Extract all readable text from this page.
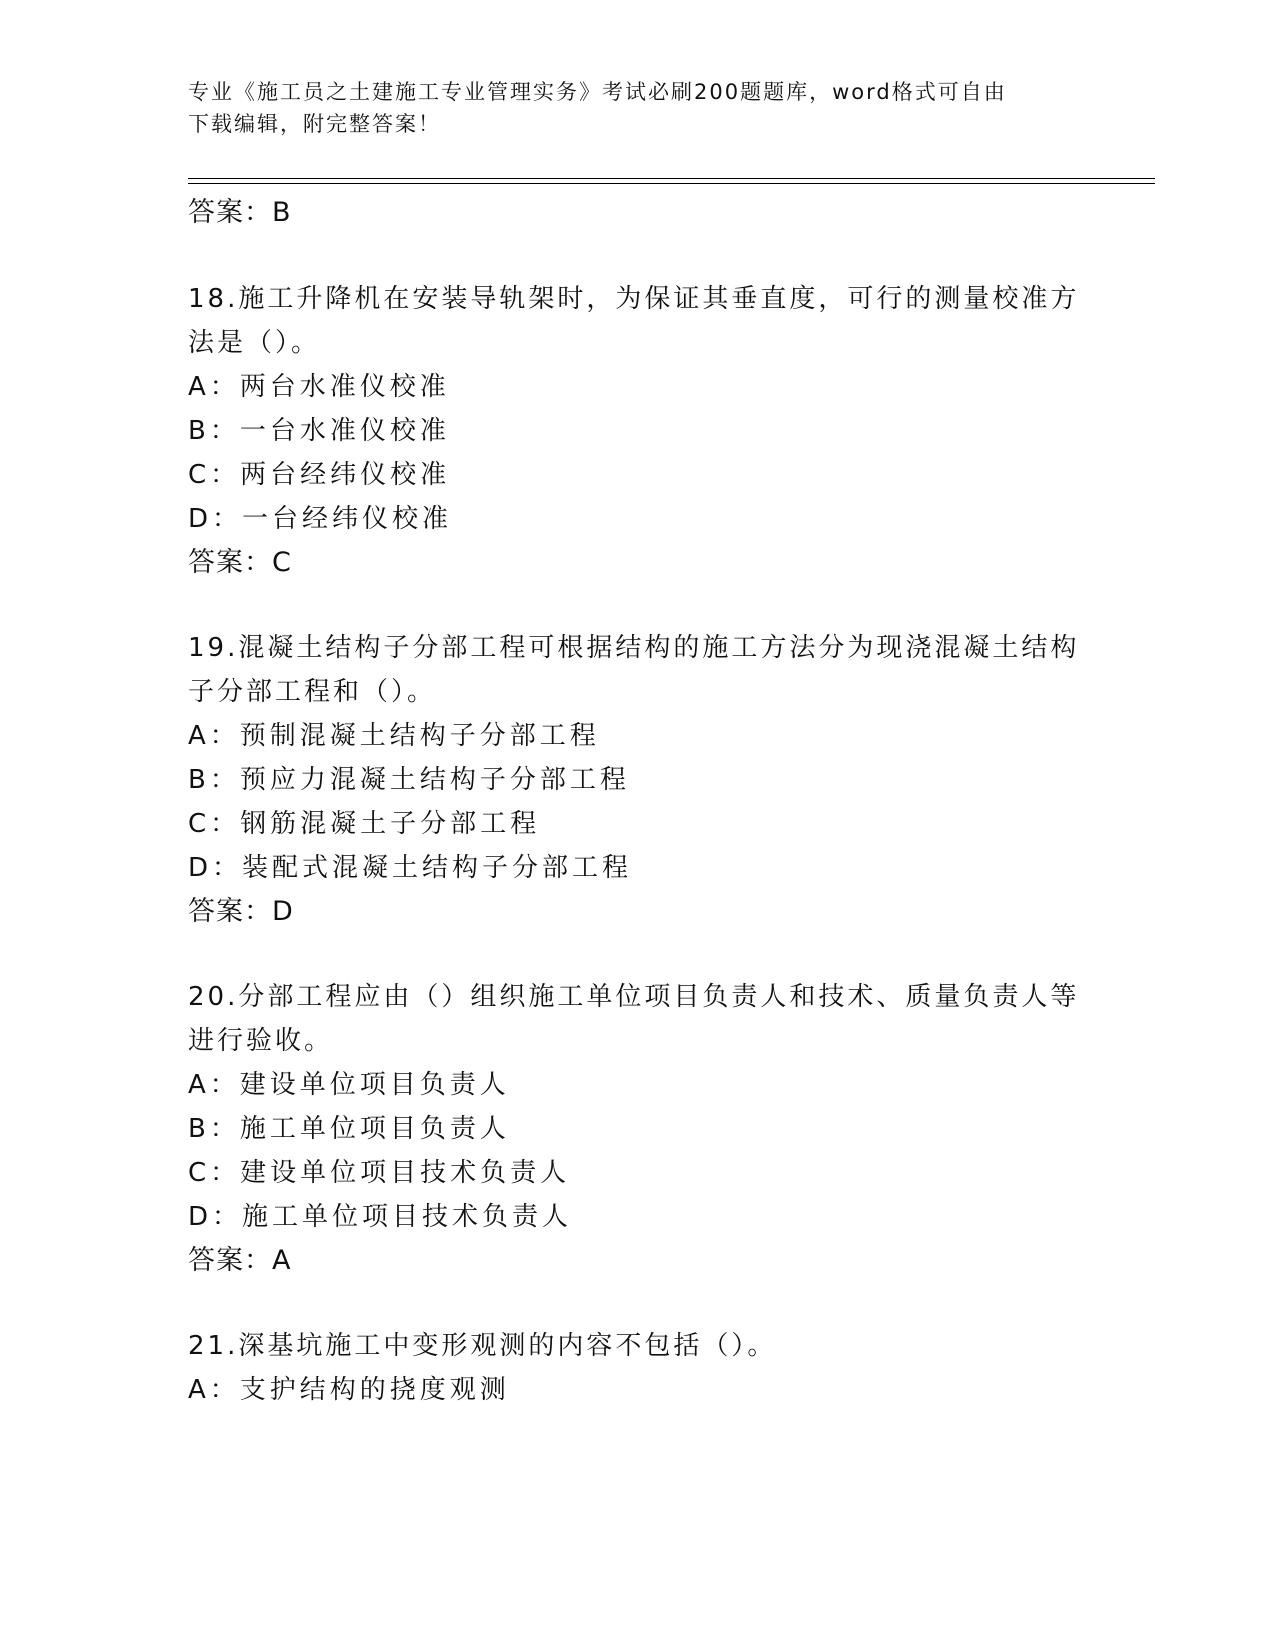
专业《施工员之土建施工专业管理实务》考试必刷200题题库，word格式可自由
下载编辑，附完整答案！
答案：B
18.施工升降机在安装导轨架时，为保证其垂直度，可行的测量校准方
法是（）。
A：两台水准仪校准
B：一台水准仪校准
C：两台经纬仪校准
D：一台经纬仪校准
答案：C
19.混凝土结构子分部工程可根据结构的施工方法分为现浇混凝土结构
子分部工程和（）。
A：预制混凝土结构子分部工程
B：预应力混凝土结构子分部工程
C：钢筋混凝土子分部工程
D：装配式混凝土结构子分部工程
答案：D
20.分部工程应由（）组织施工单位项目负责人和技术、质量负责人等
进行验收。
A：建设单位项目负责人
B：施工单位项目负责人
C：建设单位项目技术负责人
D：施工单位项目技术负责人
答案：A
21.深基坑施工中变形观测的内容不包括（）。
A：支护结构的挠度观测
